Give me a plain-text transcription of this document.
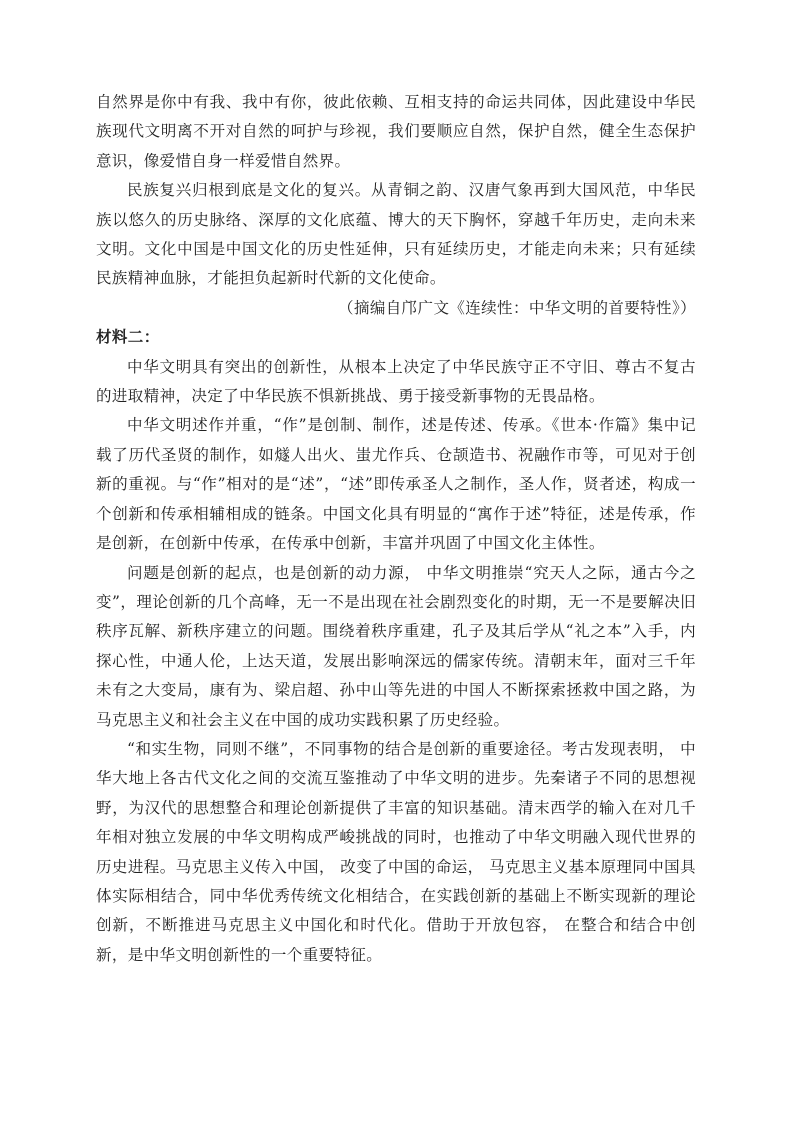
自然界是你中有我、我中有你，彼此依赖、互相支持的命运共同体，因此建设中华民族现代文明离不开对自然的呵护与珍视，我们要顺应自然，保护自然，健全生态保护意识，像爱惜自身一样爱惜自然界。

民族复兴归根到底是文化的复兴。从青铜之韵、汉唐气象再到大国风范，中华民族以悠久的历史脉络、深厚的文化底蕴、博大的天下胸怀，穿越千年历史，走向未来文明。文化中国是中国文化的历史性延伸，只有延续历史，才能走向未来；只有延续民族精神血脉，才能担负起新时代新的文化使命。

（摘编自邝广文《连续性：中华文明的首要特性》）

材料二：

中华文明具有突出的创新性，从根本上决定了中华民族守正不守旧、尊古不复古的进取精神，决定了中华民族不惧新挑战、勇于接受新事物的无畏品格。

中华文明述作并重，“作”是创制、制作，述是传述、传承。《世本·作篇》集中记载了历代圣贤的制作，如燧人出火、蚩尤作兵、仓颉造书、祝融作市等，可见对于创新的重视。与“作”相对的是“述”，“述”即传承圣人之制作，圣人作，贤者述，构成一个创新和传承相辅相成的链条。中国文化具有明显的“寓作于述”特征，述是传承，作是创新，在创新中传承，在传承中创新，丰富并巩固了中国文化主体性。

问题是创新的起点，也是创新的动力源， 中华文明推崇“究天人之际，通古今之变”，理论创新的几个高峰，无一不是出现在社会剧烈变化的时期，无一不是要解决旧秩序瓦解、新秩序建立的问题。围绕着秩序重建，孔子及其后学从“礼之本”入手，内探心性，中通人伦，上达天道，发展出影响深远的儒家传统。清朝末年，面对三千年未有之大变局，康有为、梁启超、孙中山等先进的中国人不断探索拯救中国之路，为马克思主义和社会主义在中国的成功实践积累了历史经验。

“和实生物，同则不继”，不同事物的结合是创新的重要途径。考古发现表明， 中华大地上各古代文化之间的交流互鉴推动了中华文明的进步。先秦诸子不同的思想视野，为汉代的思想整合和理论创新提供了丰富的知识基础。清末西学的输入在对几千年相对独立发展的中华文明构成严峻挑战的同时，也推动了中华文明融入现代世界的历史进程。马克思主义传入中国， 改变了中国的命运， 马克思主义基本原理同中国具体实际相结合，同中华优秀传统文化相结合，在实践创新的基础上不断实现新的理论创新，不断推进马克思主义中国化和时代化。借助于开放包容， 在整合和结合中创新，是中华文明创新性的一个重要特征。
